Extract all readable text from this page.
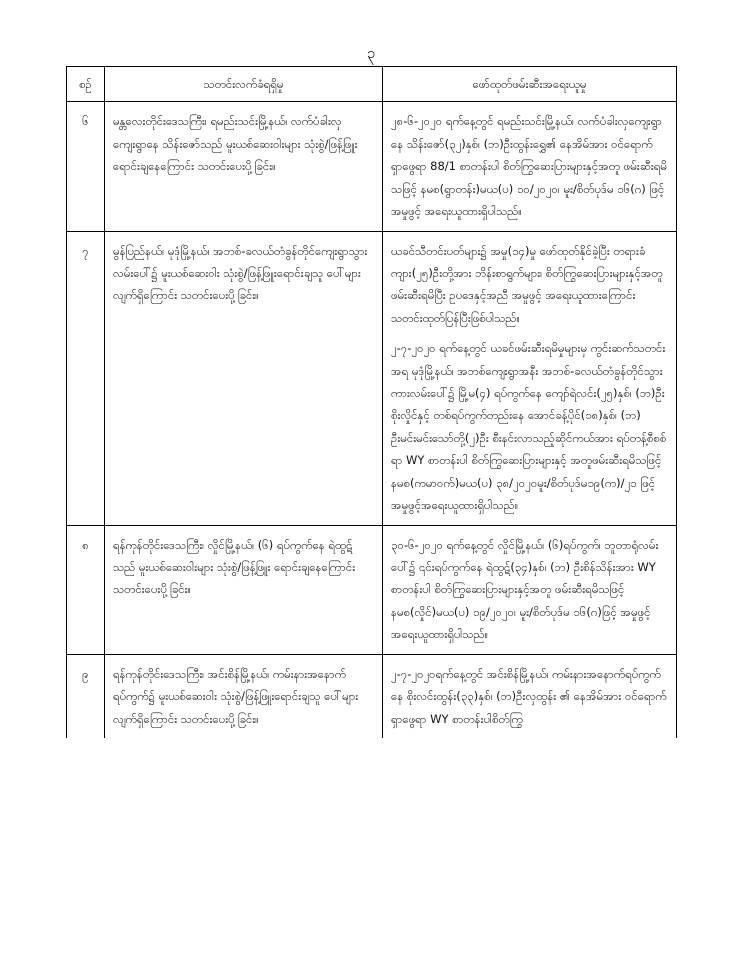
၃
စဉ်	သတင်းလက်ခံရရှိမှု	ဖော်ထုတ်ဖမ်းဆီးအရေးယူမှု
၆	မန္တလေးတိုင်းဒေသကြီး၊ ရမည်းသင်းမြို့နယ်၊ လက်ပံခါးလှကျေးရွာနေ သိန်းဇော်သည် မူးယစ်ဆေးဝါးများ သုံးစွဲ/ဖြန့်ဖြူးရောင်းချနေကြောင်း သတင်းပေးပို့ခြင်း။	၂၈-၆-၂၀၂၀ ရက်နေ့တွင် ရမည်းသင်းမြို့နယ်၊ လက်ပံခါးလှကျေးရွာနေ သိန်းဇော်(၃၂)နှစ်၊ (ဘ)ဦးထွန်းရွှေ၏ နေအိမ်အား ဝင်ရောက်ရှာဖွေရာ 88/1 စာတန်းပါ စိတ်ကြွဆေးပြားများနှင့်အတူ ဖမ်းဆီးရမိသဖြင့် နမစ(ရွာတန်း)မယ(ပ) ၁၀/၂၀၂၀၊ မူး/စိတ်ပုဒ်မ ၁၆(ဂ) ဖြင့် အမှုဖွင့် အရေးယူထားရှိပါသည်။

၇	မွန်ပြည်နယ်၊ မုဒုံမြို့နယ်၊ အဘစ်-ခလယ်တံခွန်တိုင်ကျေးရွာသွားလမ်းပေါ်၌ မူးယစ်ဆေးဝါး သုံးစွဲ/ဖြန့်ဖြူးရောင်းချသူ ပေါ်များလျက်ရှိကြောင်း သတင်းပေးပို့ခြင်း။	ယခင်သီတင်းပတ်များ၌ အမှု(၁၄)မှု ဖော်ထုတ်နိုင်ခဲ့ပြီး တရားခံ ကျား(၂၅)ဦးတို့အား ဘိန်းစာရွက်များ၊ စိတ်ကြွဆေးပြားများနှင့်အတူ ဖမ်းဆီးရမိပြီး ဥပဒေနှင့်အညီ အမှုဖွင့် အရေးယူထားကြောင်း သတင်းထုတ်ပြန်ပြီးဖြစ်ပါသည်။

၂-၇-၂၀၂၀ ရက်နေ့တွင် ယခင်ဖမ်းဆီးရမိမှုများမှ ကွင်းဆက်သတင်းအရ မုဒုံမြို့နယ်၊ အဘစ်ကျေးရွာအနီး အဘစ်-ခလယ်တံခွန်တိုင်သွားကားလမ်းပေါ်၌ မြို့မ(၄) ရပ်ကွက်နေ ကျော်ရဲလင်း(၂၅)နှစ်၊ (ဘ)ဦးစိုးလှိုင်နှင့် တစ်ရပ်ကွက်တည်းနေ အောင်ခန့်ပိုင်(၁၈)နှစ်၊ (ဘ) ဦးမင်းမင်းသော်တို့(၂)ဦး စီးနင်းလာသည့်ဆိုင်ကယ်အား ရပ်တန့်စီစစ်ရာ WY စာတန်းပါ စိတ်ကြွဆေးပြားများနှင့် အတူဖမ်းဆီးရမိသဖြင့် နမစ(ကမာဝက်)မယ(ပ) ၃၈/၂၀၂၀မူး/စိတ်ပုဒ်မ၁၉(က)/၂၁ ဖြင့် အမှုဖွင့်အရေးယူထားရှိပါသည်။

၈	ရန်ကုန်တိုင်းဒေသကြီး၊ လှိုင်မြို့နယ်၊ (၆) ရပ်ကွက်နေ ရဲထွဋ်သည် မူးယစ်ဆေးဝါးများ သုံးစွဲ/ဖြန့်ဖြူး ရောင်းချနေကြောင်း သတင်းပေးပို့ခြင်း။	၃၀-၆-၂၀၂၀ ရက်နေ့တွင် လှိုင်မြို့နယ်၊ (၆)ရပ်ကွက်၊ ဘူတာရုံလမ်းပေါ်၌ ၎င်းရပ်ကွက်နေ ရဲထွဋ်(၃၄)နှစ်၊ (ဘ) ဦးစိန်သိန်းအား WY စာတန်းပါ စိတ်ကြွဆေးပြားများနှင့်အတူ ဖမ်းဆီးရမိသဖြင့် နမစ(လှိုင်)မယ(ပ) ၁၉/၂၀၂၀၊ မူး/စိတ်ပုဒ်မ ၁၆(ဂ)ဖြင့် အမှုဖွင့် အရေးယူထားရှိပါသည်။

၉	ရန်ကုန်တိုင်းဒေသကြီး၊ အင်းစိန်မြို့နယ်၊ ကမ်းနားအနောက်ရပ်ကွက်၌ မူးယစ်ဆေးဝါး သုံးစွဲ/ဖြန့်ဖြူးရောင်းချသူ ပေါ်များလျက်ရှိကြောင်း သတင်းပေးပို့ခြင်း။	၂-၇-၂၀၂၀ရက်နေ့တွင် အင်းစိန်မြို့နယ်၊ ကမ်းနားအနောက်ရပ်ကွက်နေ စိုးလင်းထွန်း(၃၃)နှစ်၊ (ဘ)ဦးလှထွန်း ၏ နေအိမ်အား ဝင်ရောက်ရှာဖွေရာ WY စာတန်းပါစိတ်ကြွ
